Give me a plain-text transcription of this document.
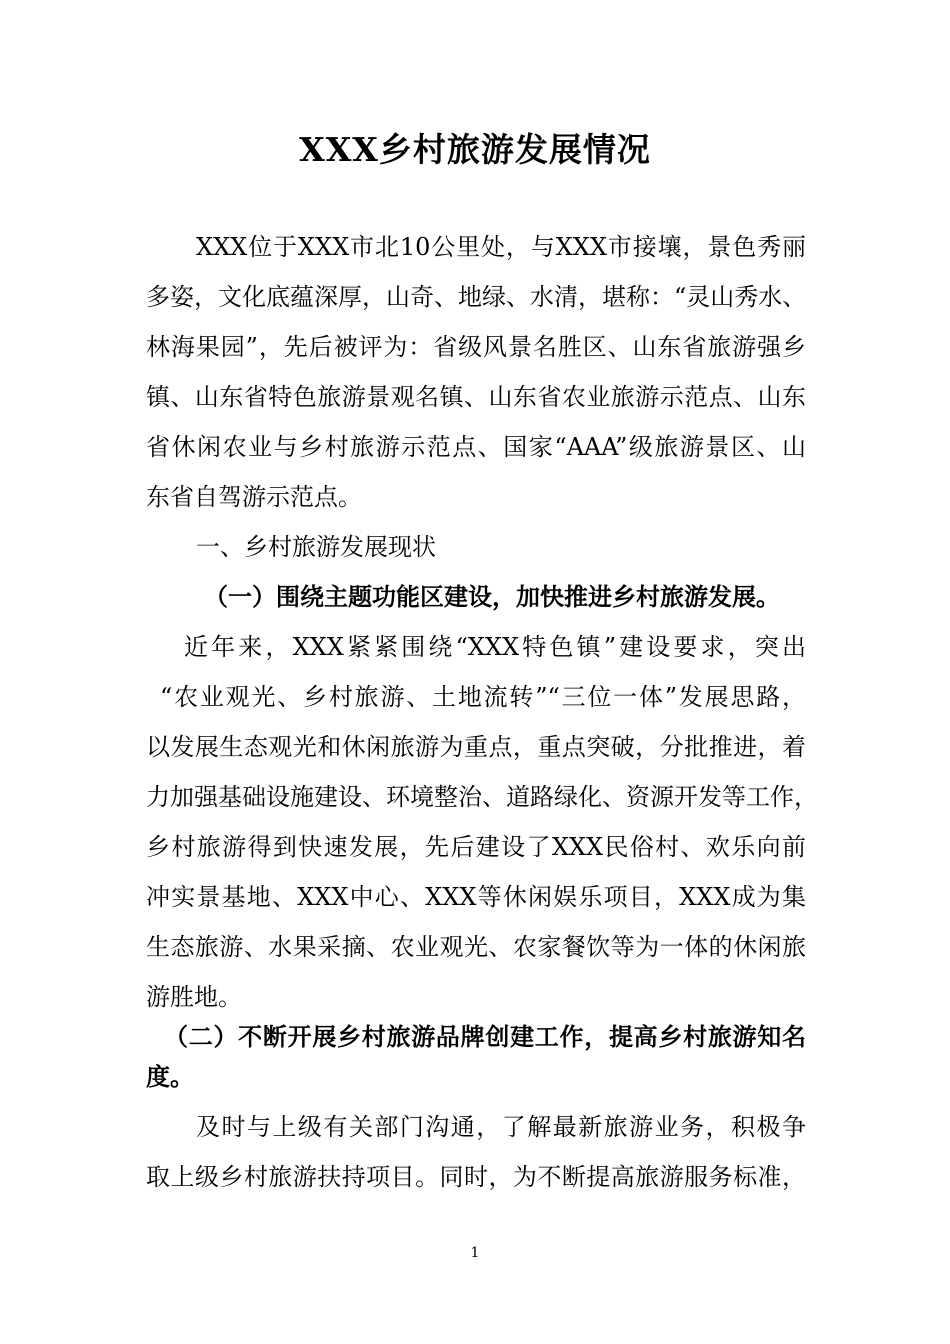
XXX乡村旅游发展情况
XXX位于XXX市北10公里处，与XXX市接壤，景色秀丽
多姿，文化底蕴深厚，山奇、地绿、水清，堪称：“灵山秀水、
林海果园”，先后被评为：省级风景名胜区、山东省旅游强乡
镇、山东省特色旅游景观名镇、山东省农业旅游示范点、山东
省休闲农业与乡村旅游示范点、国家“AAA”级旅游景区、山
东省自驾游示范点。
一、乡村旅游发展现状
（一）围绕主题功能区建设，加快推进乡村旅游发展。
近年来，XXX紧紧围绕“XXX特色镇”建设要求，突出
“农业观光、乡村旅游、土地流转”“三位一体”发展思路，
以发展生态观光和休闲旅游为重点，重点突破，分批推进，着
力加强基础设施建设、环境整治、道路绿化、资源开发等工作，
乡村旅游得到快速发展，先后建设了XXX民俗村、欢乐向前
冲实景基地、XXX中心、XXX等休闲娱乐项目，XXX成为集
生态旅游、水果采摘、农业观光、农家餐饮等为一体的休闲旅
游胜地。
（二）不断开展乡村旅游品牌创建工作，提高乡村旅游知名
度。
及时与上级有关部门沟通，了解最新旅游业务，积极争
取上级乡村旅游扶持项目。同时，为不断提高旅游服务标准，
1
